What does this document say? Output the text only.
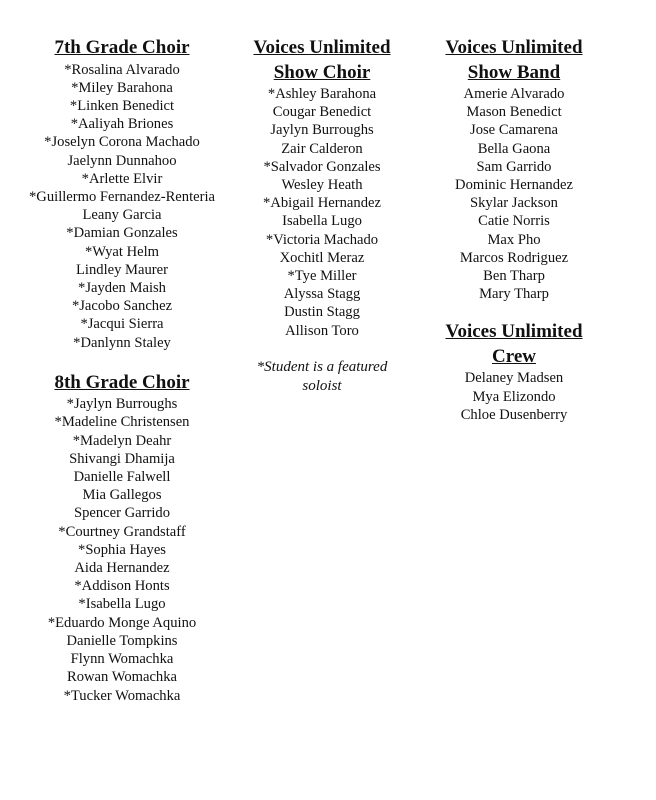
7th Grade Choir
*Rosalina Alvarado
*Miley Barahona
*Linken Benedict
*Aaliyah Briones
*Joselyn Corona Machado
Jaelynn Dunnahoo
*Arlette Elvir
*Guillermo Fernandez-Renteria
Leany Garcia
*Damian Gonzales
*Wyat Helm
Lindley Maurer
*Jayden Maish
*Jacobo Sanchez
*Jacqui Sierra
*Danlynn Staley
8th Grade Choir
*Jaylyn Burroughs
*Madeline Christensen
*Madelyn Deahr
Shivangi Dhamija
Danielle Falwell
Mia Gallegos
Spencer Garrido
*Courtney Grandstaff
*Sophia Hayes
Aida Hernandez
*Addison Honts
*Isabella Lugo
*Eduardo Monge Aquino
Danielle Tompkins
Flynn Womachka
Rowan Womachka
*Tucker Womachka
Voices Unlimited
Show Choir
*Ashley Barahona
Cougar Benedict
Jaylyn Burroughs
Zair Calderon
*Salvador Gonzales
Wesley Heath
*Abigail Hernandez
Isabella Lugo
*Victoria Machado
Xochitl Meraz
*Tye Miller
Alyssa Stagg
Dustin Stagg
Allison Toro
*Student is a featured
soloist
Voices Unlimited
Show Band
Amerie Alvarado
Mason Benedict
Jose Camarena
Bella Gaona
Sam Garrido
Dominic Hernandez
Skylar Jackson
Catie Norris
Max Pho
Marcos Rodriguez
Ben Tharp
Mary Tharp
Voices Unlimited
Crew
Delaney Madsen
Mya Elizondo
Chloe Dusenberry
